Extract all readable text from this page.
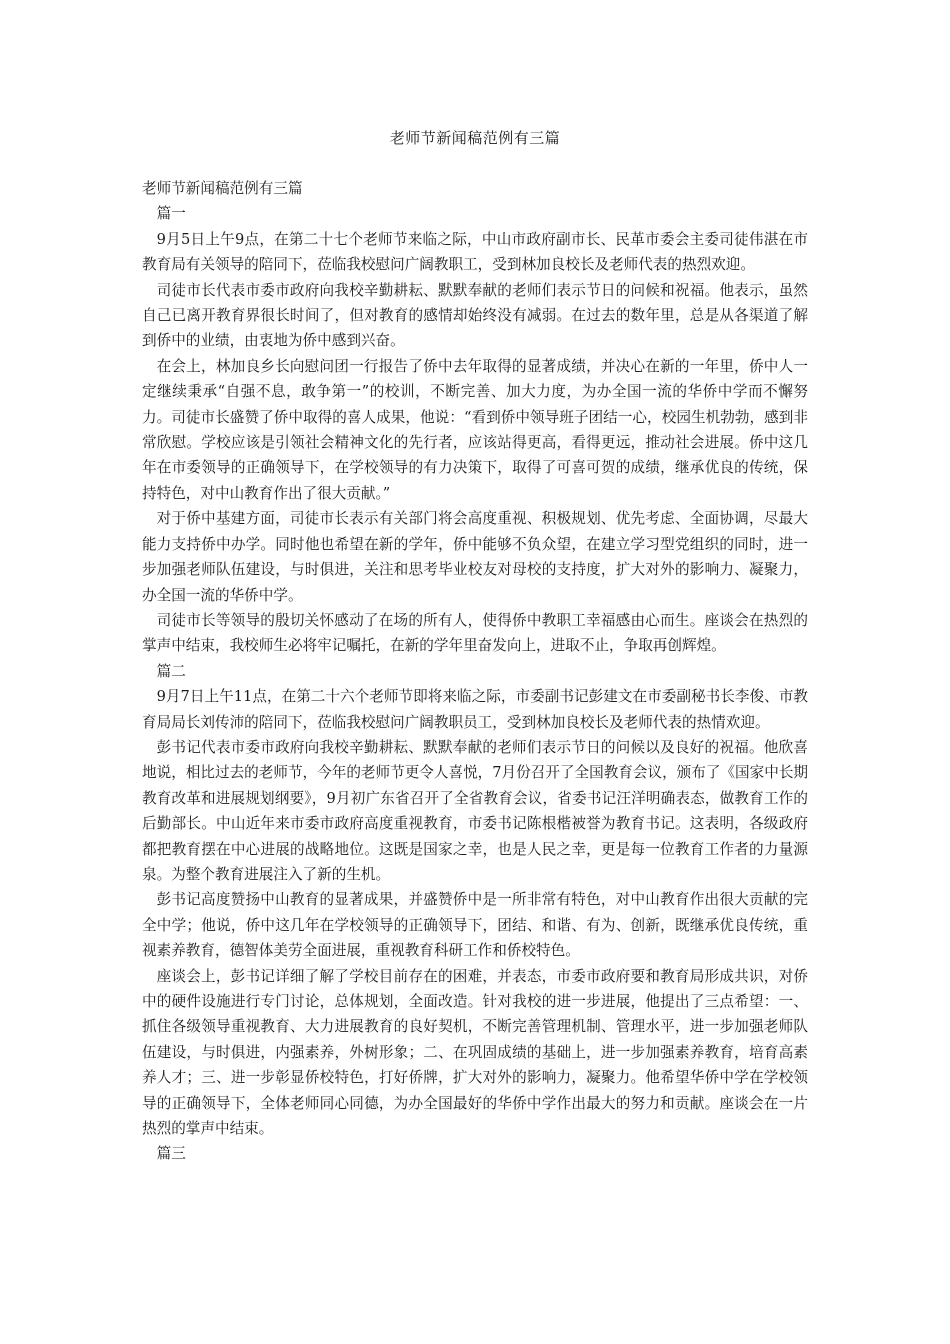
老师节新闻稿范例有三篇

老师节新闻稿范例有三篇

篇一

9月5日上午9点，在第二十七个老师节来临之际，中山市政府副市长、民革市委会主委司徒伟湛在市教育局有关领导的陪同下，莅临我校慰问广阔教职工，受到林加良校长及老师代表的热烈欢迎。

司徒市长代表市委市政府向我校辛勤耕耘、默默奉献的老师们表示节日的问候和祝福。他表示，虽然自己已离开教育界很长时间了，但对教育的感情却始终没有减弱。在过去的数年里，总是从各渠道了解到侨中的业绩，由衷地为侨中感到兴奋。

在会上，林加良乡长向慰问团一行报告了侨中去年取得的显著成绩，并决心在新的一年里，侨中人一定继续秉承“自强不息，敢争第一”的校训，不断完善、加大力度，为办全国一流的华侨中学而不懈努力。司徒市长盛赞了侨中取得的喜人成果，他说：“看到侨中领导班子团结一心，校园生机勃勃，感到非常欣慰。学校应该是引领社会精神文化的先行者，应该站得更高，看得更远，推动社会进展。侨中这几年在市委领导的正确领导下，在学校领导的有力决策下，取得了可喜可贺的成绩，继承优良的传统，保持特色，对中山教育作出了很大贡献。”

对于侨中基建方面，司徒市长表示有关部门将会高度重视、积极规划、优先考虑、全面协调，尽最大能力支持侨中办学。同时他也希望在新的学年，侨中能够不负众望，在建立学习型党组织的同时，进一步加强老师队伍建设，与时俱进，关注和思考毕业校友对母校的支持度，扩大对外的影响力、凝聚力，办全国一流的华侨中学。

司徒市长等领导的殷切关怀感动了在场的所有人，使得侨中教职工幸福感由心而生。座谈会在热烈的掌声中结束，我校师生必将牢记嘱托，在新的学年里奋发向上，进取不止，争取再创辉煌。

篇二

9月7日上午11点，在第二十六个老师节即将来临之际，市委副书记彭建文在市委副秘书长李俊、市教育局局长刘传沛的陪同下，莅临我校慰问广阔教职员工，受到林加良校长及老师代表的热情欢迎。

彭书记代表市委市政府向我校辛勤耕耘、默默奉献的老师们表示节日的问候以及良好的祝福。他欣喜地说，相比过去的老师节，今年的老师节更令人喜悦，7月份召开了全国教育会议，颁布了《国家中长期教育改革和进展规划纲要》，9月初广东省召开了全省教育会议，省委书记汪洋明确表态，做教育工作的后勤部长。中山近年来市委市政府高度重视教育，市委书记陈根楷被誉为教育书记。这表明，各级政府都把教育摆在中心进展的战略地位。这既是国家之幸，也是人民之幸，更是每一位教育工作者的力量源泉。为整个教育进展注入了新的生机。

彭书记高度赞扬中山教育的显著成果，并盛赞侨中是一所非常有特色，对中山教育作出很大贡献的完全中学；他说，侨中这几年在学校领导的正确领导下，团结、和谐、有为、创新，既继承优良传统，重视素养教育，德智体美劳全面进展，重视教育科研工作和侨校特色。

座谈会上，彭书记详细了解了学校目前存在的困难，并表态，市委市政府要和教育局形成共识，对侨中的硬件设施进行专门讨论，总体规划，全面改造。针对我校的进一步进展，他提出了三点希望：一、抓住各级领导重视教育、大力进展教育的良好契机，不断完善管理机制、管理水平，进一步加强老师队伍建设，与时俱进，内强素养，外树形象；二、在巩固成绩的基础上，进一步加强素养教育，培育高素养人才；三、进一步彰显侨校特色，打好侨牌，扩大对外的影响力，凝聚力。他希望华侨中学在学校领导的正确领导下，全体老师同心同德，为办全国最好的华侨中学作出最大的努力和贡献。座谈会在一片热烈的掌声中结束。

篇三
